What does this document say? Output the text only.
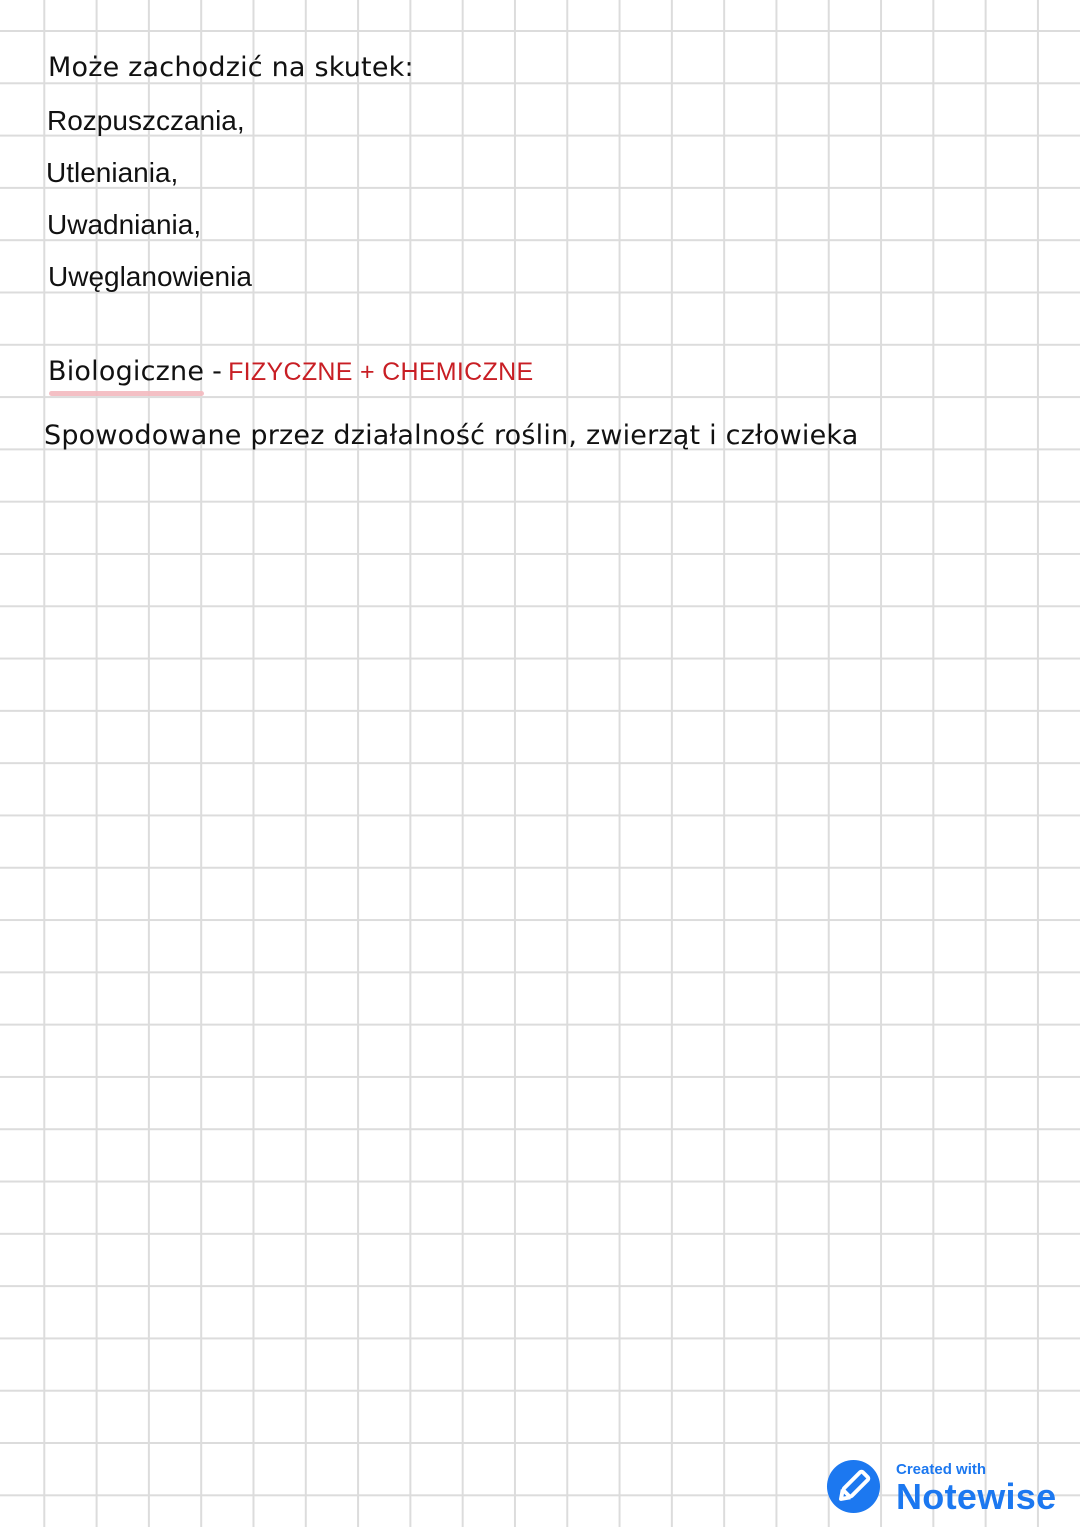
Może zachodzić na skutek:
Rozpuszczania,
Utleniania,
Uwadniania,
Uwęglanowienia
Biologiczne - FIZYCZNE + CHEMICZNE
Spowodowane przez działalność roślin, zwierząt i człowieka
Created with
Notewise
